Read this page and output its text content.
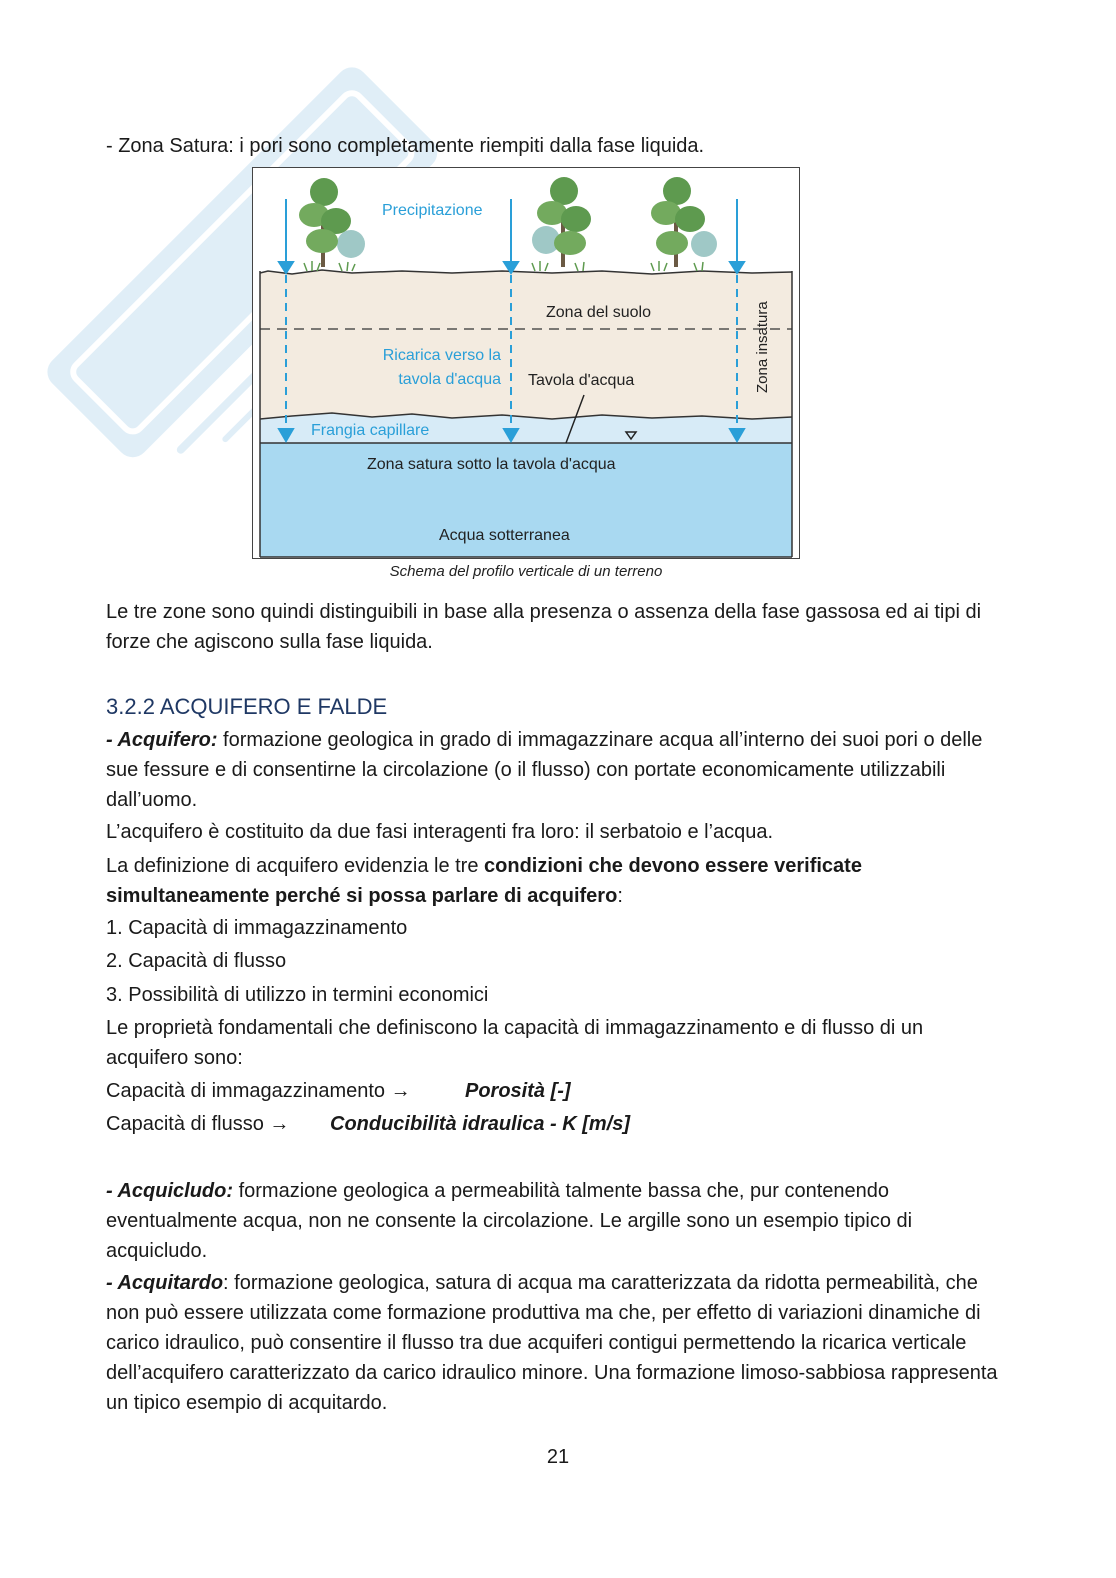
- Zona Satura: i pori sono completamente riempiti dalla fase liquida.

Precipitazione
Zona del suolo
Ricarica verso la
tavola d'acqua Tavola d'acqua	Zona insatura
Frangia capillare
Zona satura sotto la tavola d'acqua
Acqua sotterranea
Schema del profilo verticale di un terreno

Le tre zone sono quindi distinguibili in base alla presenza o assenza della fase gassosa ed ai tipi di forze che agiscono sulla fase liquida.

3.2.2 ACQUIFERO E FALDE

- Acquifero: formazione geologica in grado di immagazzinare acqua all’interno dei suoi pori o delle sue fessure e di consentirne la circolazione (o il flusso) con portate economicamente utilizzabili dall’uomo.

L’acquifero è costituito da due fasi interagenti fra loro: il serbatoio e l’acqua.

La definizione di acquifero evidenzia le tre condizioni che devono essere verificate simultaneamente perché si possa parlare di acquifero:

1. Capacità di immagazzinamento

2. Capacità di flusso

3. Possibilità di utilizzo in termini economici

Le proprietà fondamentali che definiscono la capacità di immagazzinamento e di flusso di un acquifero sono:

Capacità di immagazzinamento →	Porosità [-]
Capacità di flusso → Conducibilità idraulica - K [m/s]

- Acquicludo: formazione geologica a permeabilità talmente bassa che, pur contenendo eventualmente acqua, non ne consente la circolazione. Le argille sono un esempio tipico di acquicludo.

- Acquitardo: formazione geologica, satura di acqua ma caratterizzata da ridotta permeabilità, che non può essere utilizzata come formazione produttiva ma che, per effetto di variazioni dinamiche di carico idraulico, può consentire il flusso tra due acquiferi contigui permettendo la ricarica verticale dell’acquifero caratterizzato da carico idraulico minore. Una formazione limoso-sabbiosa rappresenta un tipico esempio di acquitardo.

21
